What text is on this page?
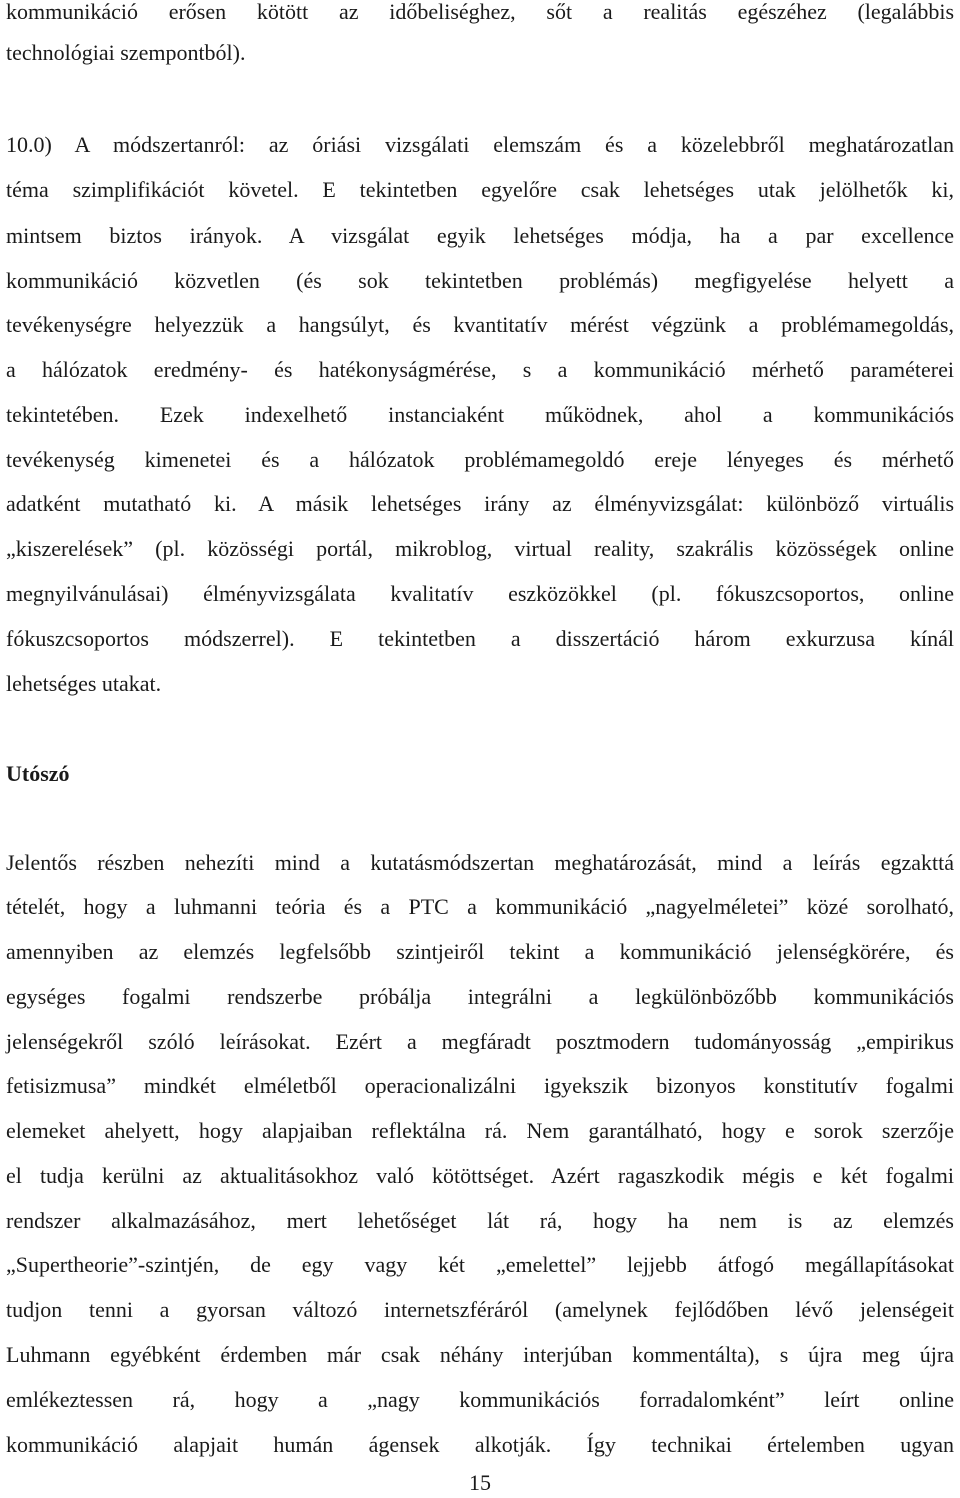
kommunikáció erősen kötött az időbeliséghez, sőt a realitás egészéhez (legalábbis
technológiai szempontból).
10.0) A módszertanról: az óriási vizsgálati elemszám és a közelebbről meghatározatlan
téma szimplifikációt követel. E tekintetben egyelőre csak lehetséges utak jelölhetők ki,
mintsem biztos irányok. A vizsgálat egyik lehetséges módja, ha a par excellence
kommunikáció közvetlen (és sok tekintetben problémás) megfigyelése helyett a
tevékenységre helyezzük a hangsúlyt, és kvantitatív mérést végzünk a problémamegoldás,
a hálózatok eredmény- és hatékonyságmérése, s a kommunikáció mérhető paraméterei
tekintetében. Ezek indexelhető instanciaként működnek, ahol a kommunikációs
tevékenység kimenetei és a hálózatok problémamegoldó ereje lényeges és mérhető
adatként mutatható ki. A másik lehetséges irány az élményvizsgálat: különböző virtuális
„kiszerelések” (pl. közösségi portál, mikroblog, virtual reality, szakrális közösségek online
megnyilvánulásai) élményvizsgálata kvalitatív eszközökkel (pl. fókuszcsoportos, online
fókuszcsoportos módszerrel). E tekintetben a disszertáció három exkurzusa kínál
lehetséges utakat.
Utószó
Jelentős részben nehezíti mind a kutatásmódszertan meghatározását, mind a leírás egzakttá
tételét, hogy a luhmanni teória és a PTC a kommunikáció „nagyelméletei” közé sorolható,
amennyiben az elemzés legfelsőbb szintjeiről tekint a kommunikáció jelenségkörére, és
egységes fogalmi rendszerbe próbálja integrálni a legkülönbözőbb kommunikációs
jelenségekről szóló leírásokat. Ezért a megfáradt posztmodern tudományosság „empirikus
fetisizmusa” mindkét elméletből operacionalizálni igyekszik bizonyos konstitutív fogalmi
elemeket ahelyett, hogy alapjaiban reflektálna rá. Nem garantálható, hogy e sorok szerzője
el tudja kerülni az aktualitásokhoz való kötöttséget. Azért ragaszkodik mégis e két fogalmi
rendszer alkalmazásához, mert lehetőséget lát rá, hogy ha nem is az elemzés
„Supertheorie”-szintjén, de egy vagy két „emelettel” lejjebb átfogó megállapításokat
tudjon tenni a gyorsan változó internetszféráról (amelynek fejlődőben lévő jelenségeit
Luhmann egyébként érdemben már csak néhány interjúban kommentálta), s újra meg újra
emlékeztessen rá, hogy a „nagy kommunikációs forradalomként” leírt online
kommunikáció alapjait humán ágensek alkotják. Így technikai értelemben ugyan
15
